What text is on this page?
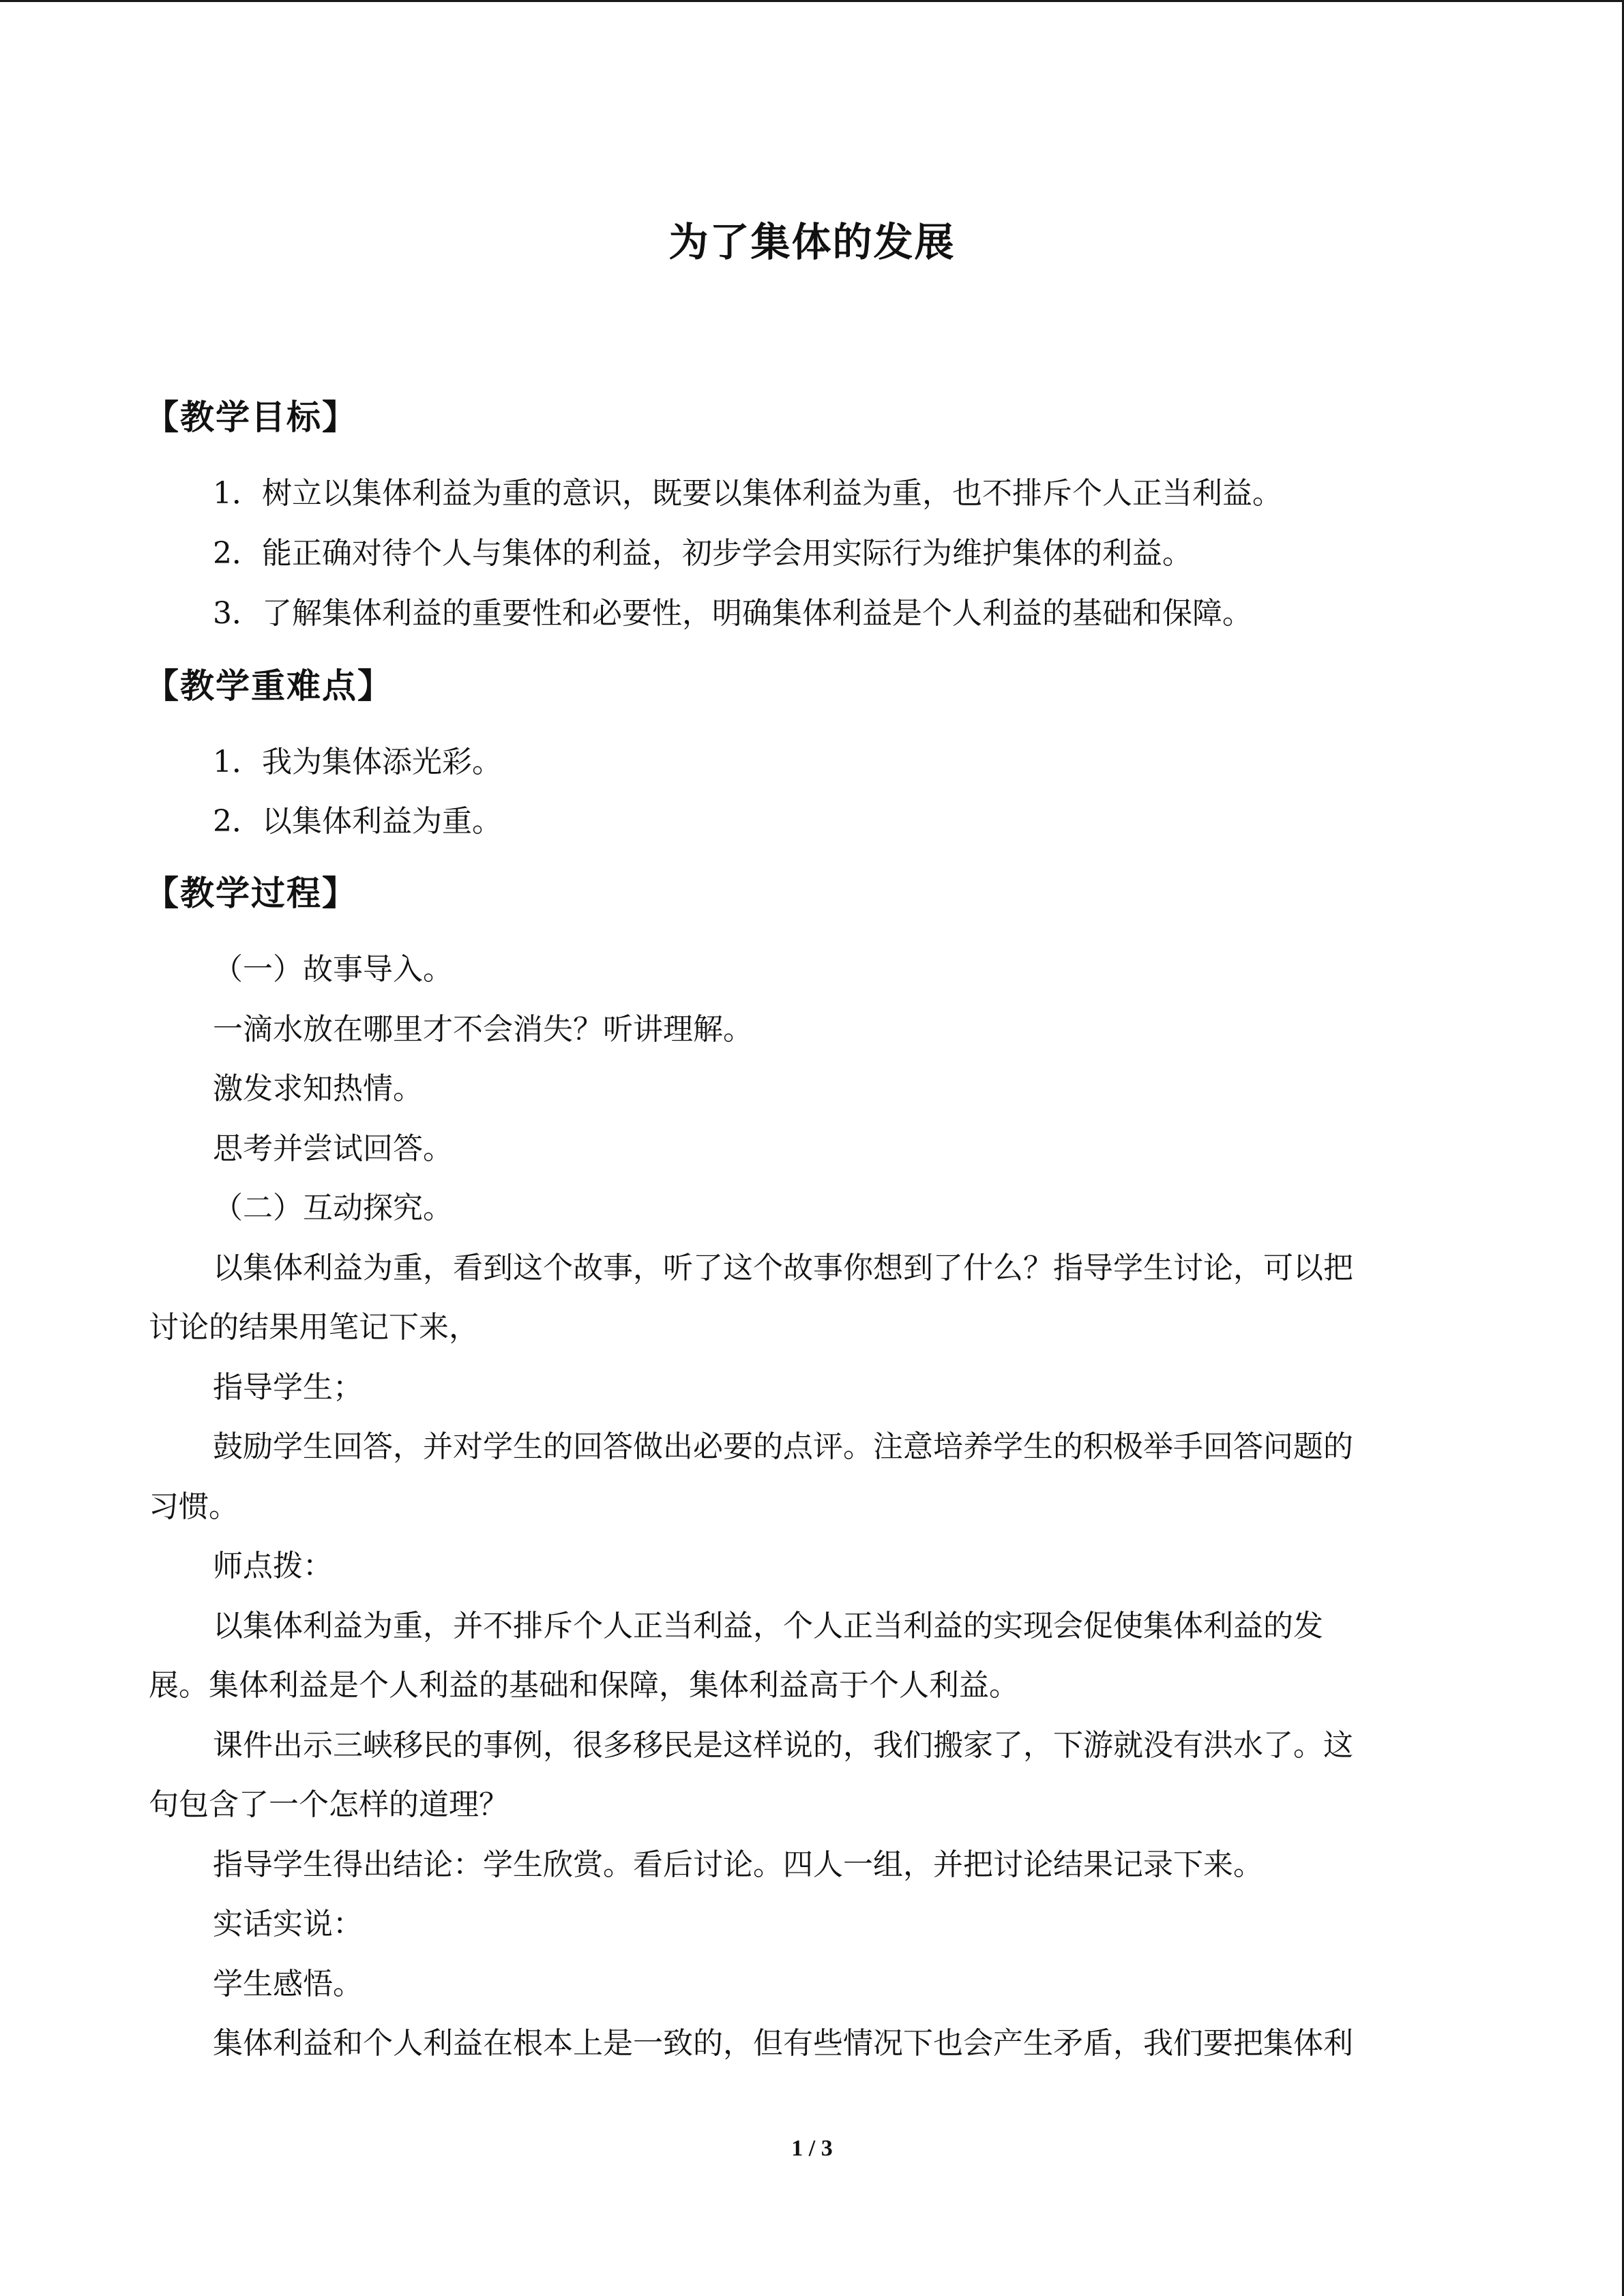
为了集体的发展
【教学目标】
1．树立以集体利益为重的意识，既要以集体利益为重，也不排斥个人正当利益。
2．能正确对待个人与集体的利益，初步学会用实际行为维护集体的利益。
3．了解集体利益的重要性和必要性，明确集体利益是个人利益的基础和保障。
【教学重难点】
1．我为集体添光彩。
2．以集体利益为重。
【教学过程】
（一）故事导入。
一滴水放在哪里才不会消失？听讲理解。
激发求知热情。
思考并尝试回答。
（二）互动探究。
以集体利益为重，看到这个故事，听了这个故事你想到了什么？指导学生讨论，可以把
讨论的结果用笔记下来，
指导学生；
鼓励学生回答，并对学生的回答做出必要的点评。注意培养学生的积极举手回答问题的
习惯。
师点拨：
以集体利益为重，并不排斥个人正当利益，个人正当利益的实现会促使集体利益的发
展。集体利益是个人利益的基础和保障，集体利益高于个人利益。
课件出示三峡移民的事例，很多移民是这样说的，我们搬家了，下游就没有洪水了。这
句包含了一个怎样的道理？
指导学生得出结论：学生欣赏。看后讨论。四人一组，并把讨论结果记录下来。
实话实说：
学生感悟。
集体利益和个人利益在根本上是一致的，但有些情况下也会产生矛盾，我们要把集体利
1 / 3
